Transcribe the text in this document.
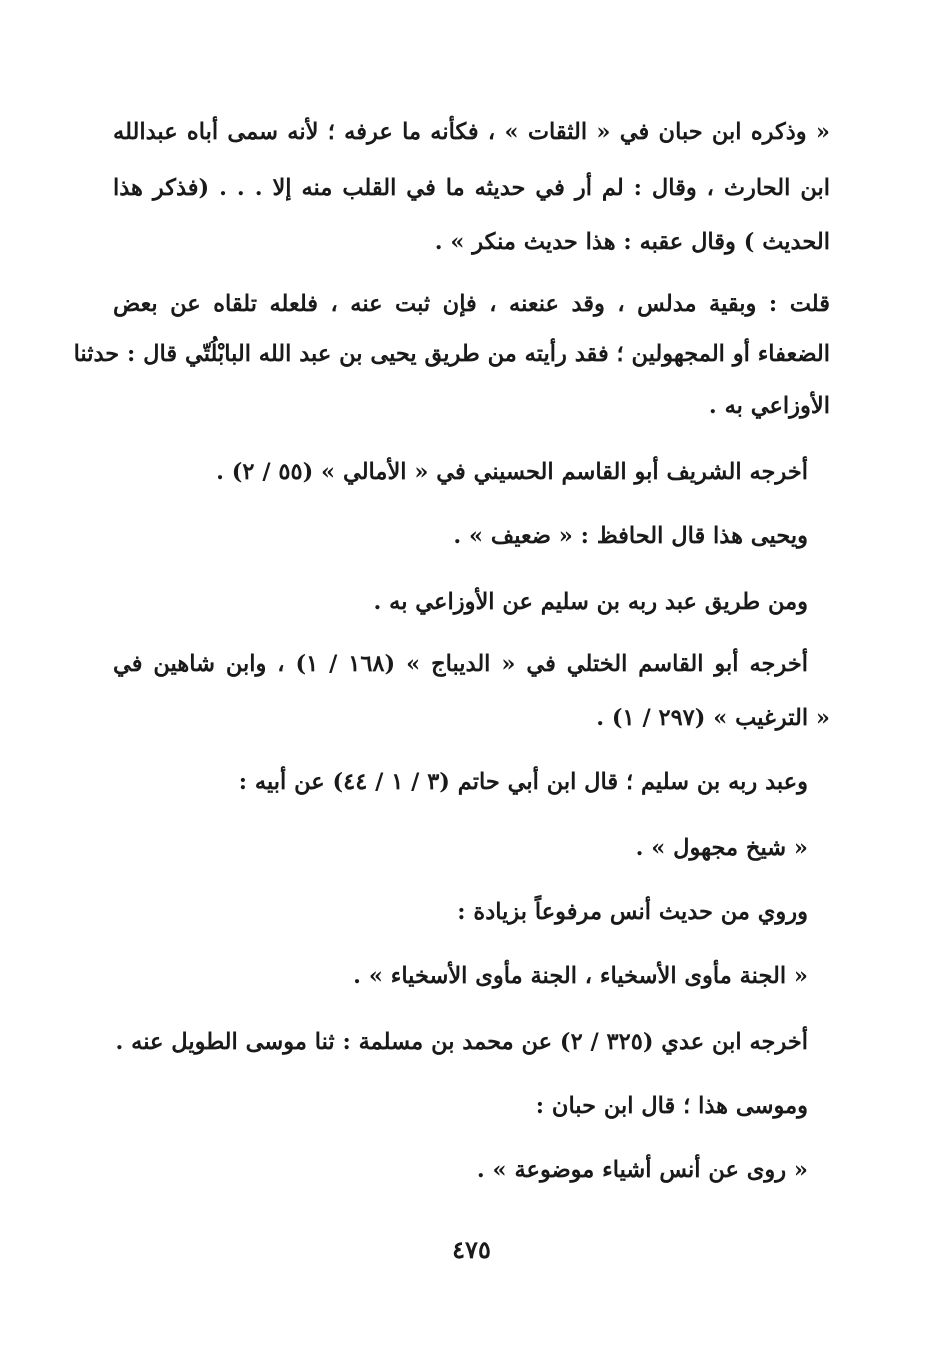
« وذكره ابن حبان في « الثقات » ، فكأنه ما عرفه ؛ لأنه سمى أباه عبدالله
ابن الحارث ، وقال : لم أر في حديثه ما في القلب منه إلا . . . (فذكر هذا
الحديث ) وقال عقبه : هذا حديث منكر » .
قلت : وبقية مدلس ، وقد عنعنه ، فإن ثبت عنه ، فلعله تلقاه عن بعض
الضعفاء أو المجهولين ؛ فقد رأيته من طريق يحيى بن عبد الله البابْلُتّي قال : حدثنا
الأوزاعي به .
أخرجه الشريف أبو القاسم الحسيني في « الأمالي » (٥٥ / ٢) .
ويحيى هذا قال الحافظ : « ضعيف » .
ومن طريق عبد ربه بن سليم عن الأوزاعي به .
أخرجه أبو القاسم الختلي في « الديباج » (١٦٨ / ١) ، وابن شاهين في
« الترغيب » (٢٩٧ / ١) .
وعبد ربه بن سليم ؛ قال ابن أبي حاتم (٣ / ١ / ٤٤) عن أبيه :
« شيخ مجهول » .
وروي من حديث أنس مرفوعاً بزيادة :
« الجنة مأوى الأسخياء ، الجنة مأوى الأسخياء » .
أخرجه ابن عدي (٣٢٥ / ٢) عن محمد بن مسلمة : ثنا موسى الطويل عنه .
وموسى هذا ؛ قال ابن حبان :
« روى عن أنس أشياء موضوعة » .
٤٧٥
